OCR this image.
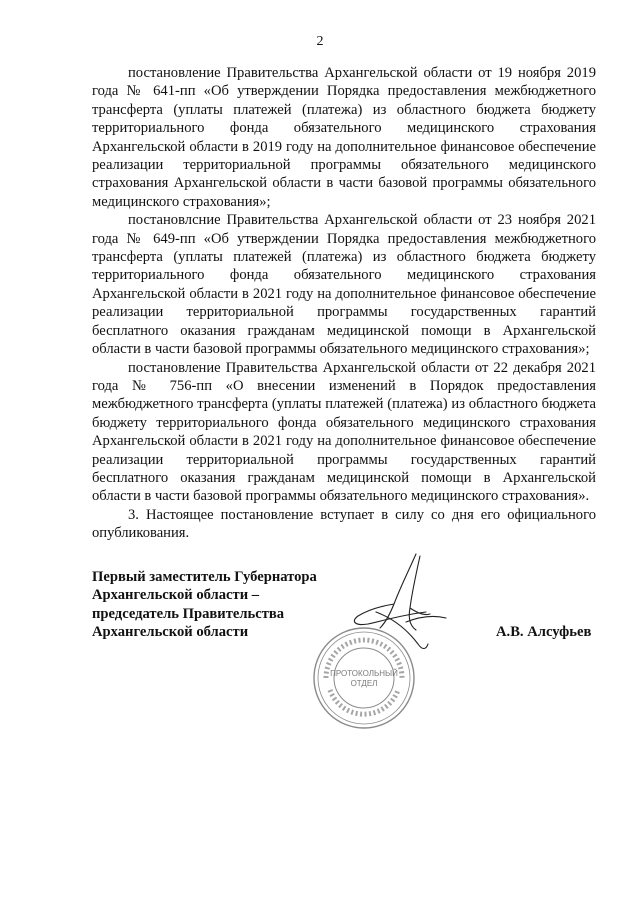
2

постановление Правительства Архангельской области от 19 ноября 2019 года № 641-пп «Об утверждении Порядка предоставления межбюджетного трансферта (уплаты платежей (платежа) из областного бюджета бюджету территориального фонда обязательного медицинского страхования Архангельской области в 2019 году на дополнительное финансовое обеспечение реализации территориальной программы обязательного медицинского страхования Архангельской области в части базовой программы обязательного медицинского страхования»;

постановлсние Правительства Архангельской области от 23 ноября 2021 года № 649-пп «Об утверждении Порядка предоставления межбюджетного трансферта (уплаты платежей (платежа) из областного бюджета бюджету территориального фонда обязательного медицинского страхования Архангельской области в 2021 году на дополнительное финансовое обеспечение реализации территориальной программы государственных гарантий бесплатного оказания гражданам медицинской помощи в Архангельской области в части базовой программы обязательного медицинского страхования»;

постановление Правительства Архангельской области от 22 декабря 2021 года № 756-пп «О внесении изменений в Порядок предоставления межбюджетного трансферта (уплаты платежей (платежа) из областного бюджета бюджету территориального фонда обязательного медицинского страхования Архангельской области в 2021 году на дополнительное финансовое обеспечение реализации территориальной программы государственных гарантий бесплатного оказания гражданам медицинской помощи в Архангельской области в части базовой программы обязательного медицинского страхования».

3. Настоящее постановление вступает в силу со дня его официального опубликования.

Первый заместитель Губернатора
Архангельской области –
председатель Правительства
Архангельской области	А.В. Алсуфьев
ПРОТОКОЛЬНЫЙ
ОТДЕЛ
